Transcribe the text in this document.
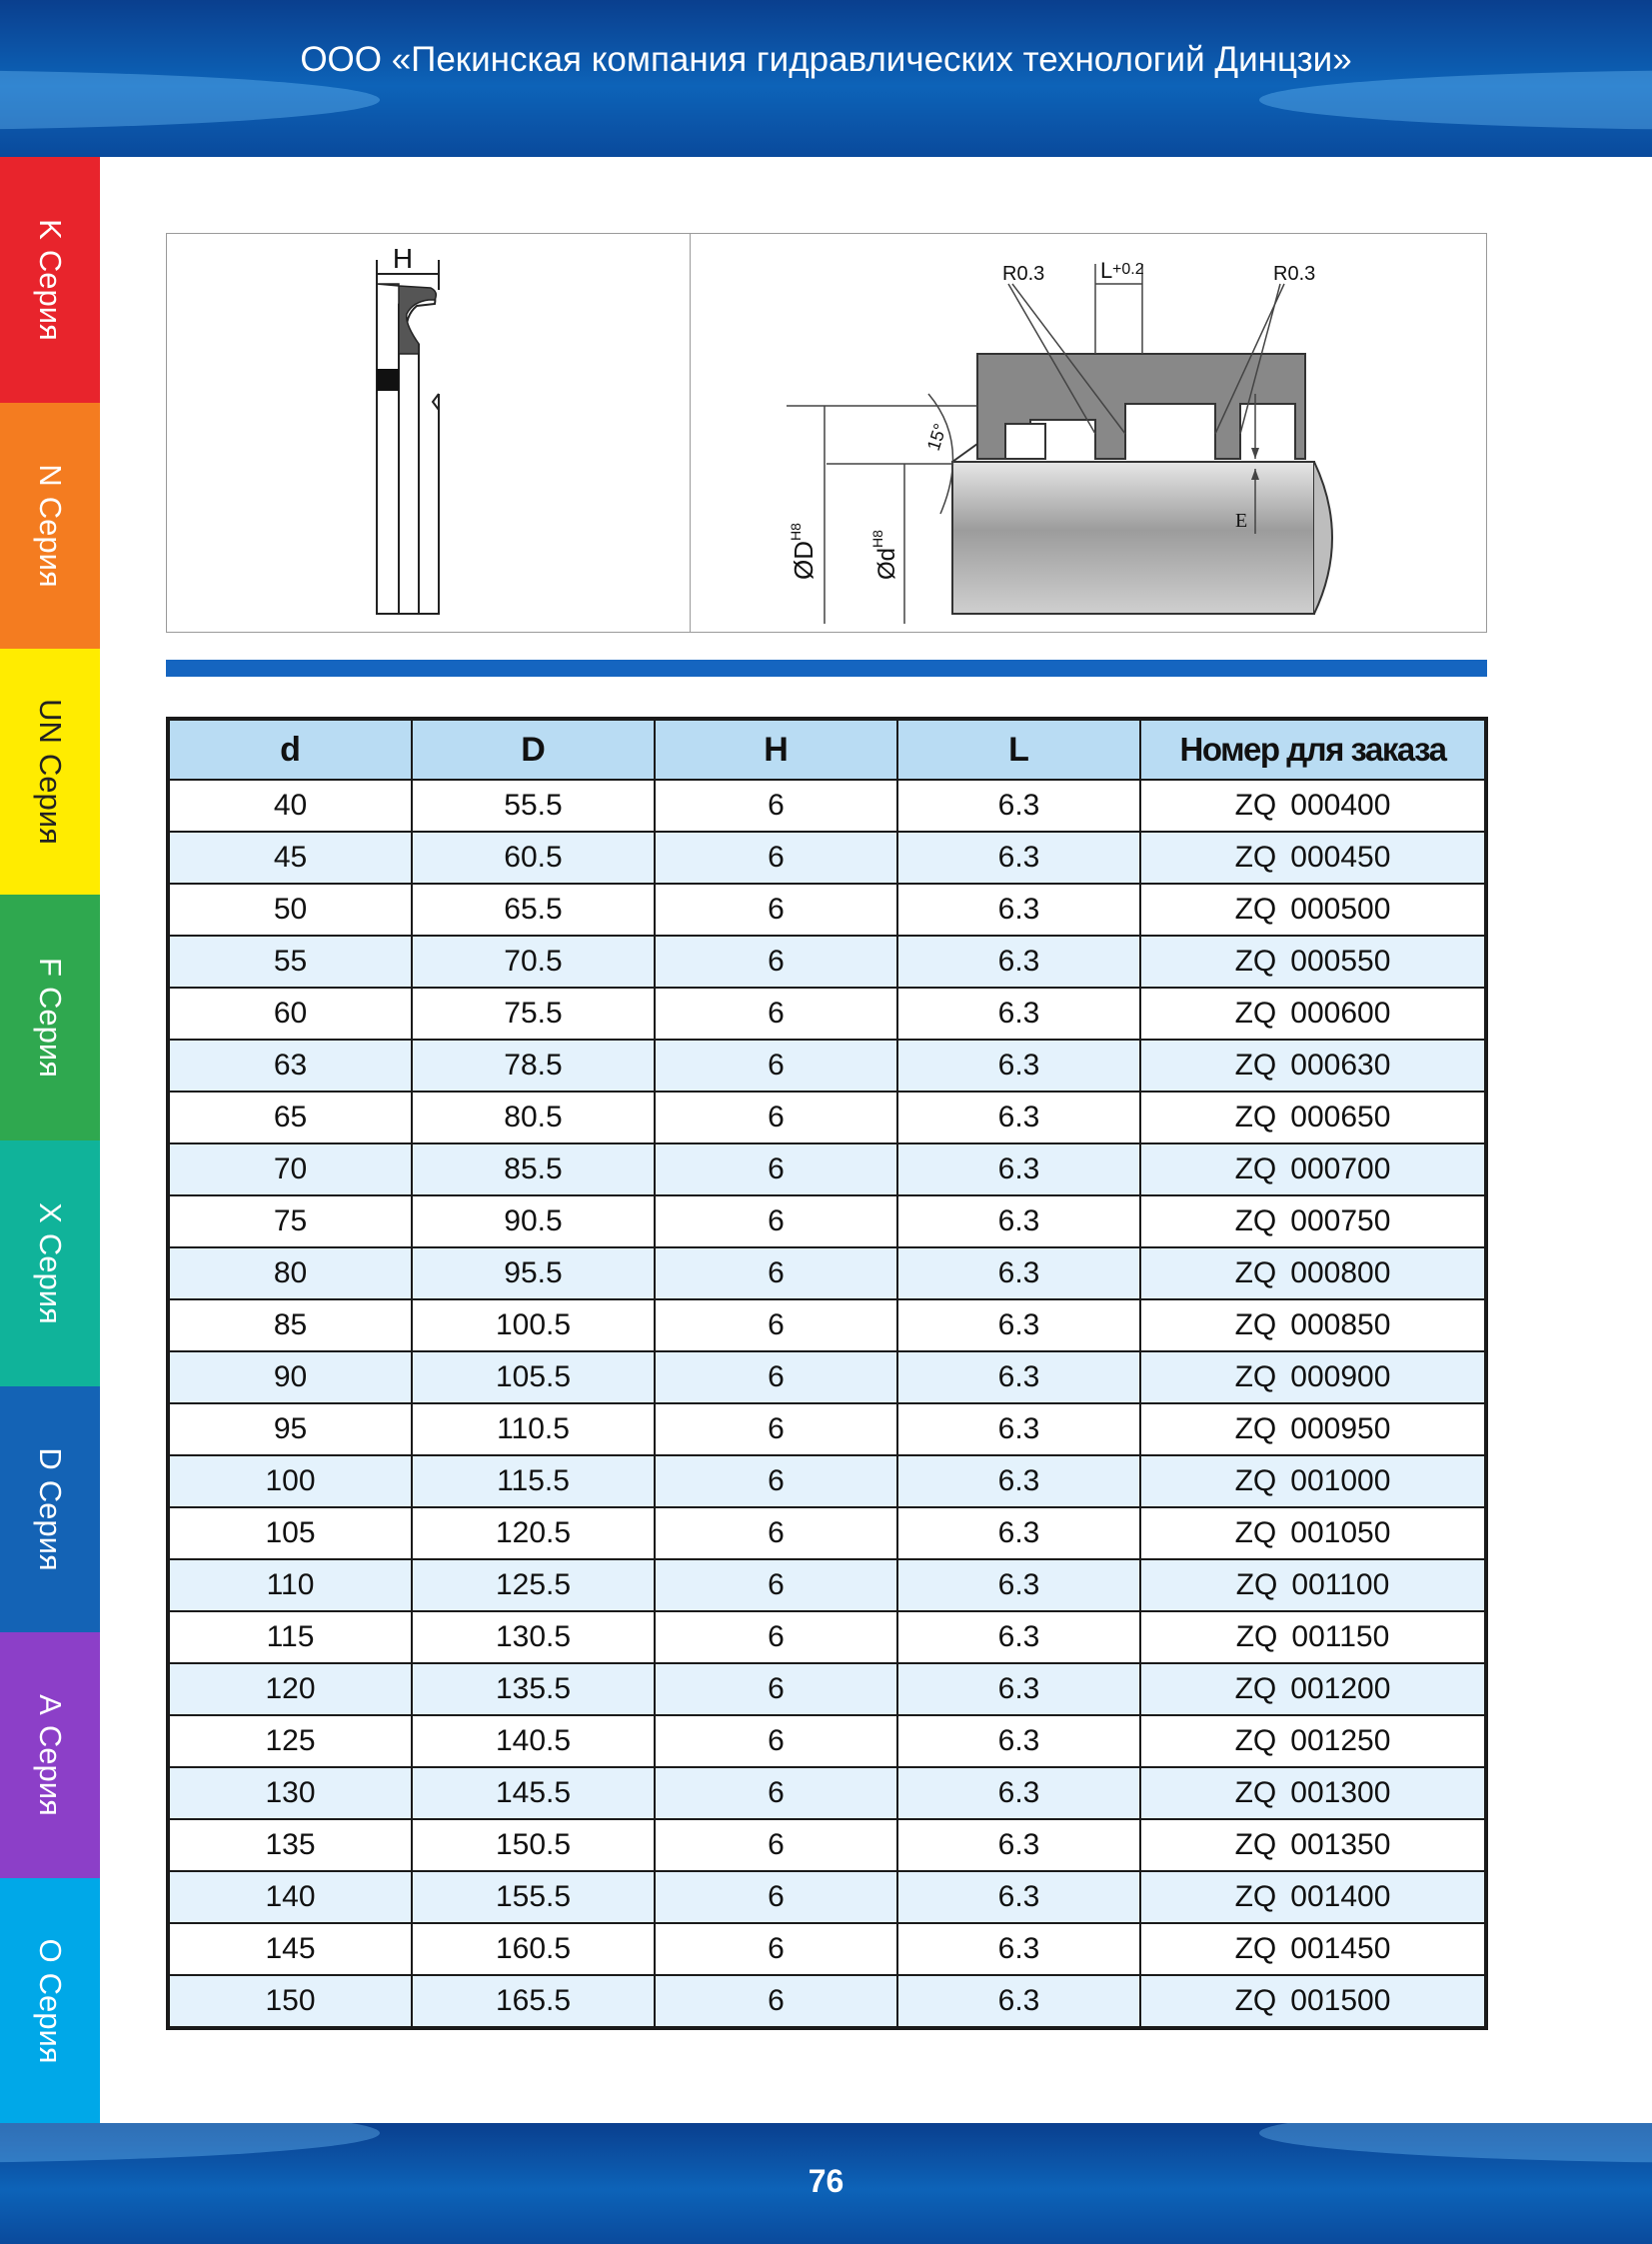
ООО «Пекинская компания гидравлических технологий Динцзи»
KСерия
NСерия
UNСерия
FСерия
XСерия
DСерия
AСерия
OСерия
H	R0.3	R0.3
L +0.2
15°
E
$ØD^{H8}$
$Ød^{H8}$
d	D	H	L	Номер для заказа
40	55.5	6	6.3	ZQ 000400
45	60.5	6	6.3	ZQ 000450
50	65.5	6	6.3	ZQ 000500
55	70.5	6	6.3	ZQ 000550
60	75.5	6	6.3	ZQ 000600
63	78.5	6	6.3	ZQ 000630
65	80.5	6	6.3	ZQ 000650
70	85.5	6	6.3	ZQ 000700
75	90.5	6	6.3	ZQ 000750
80	95.5	6	6.3	ZQ 000800
85	100.5	6	6.3	ZQ 000850
90	105.5	6	6.3	ZQ 000900
95	110.5	6	6.3	ZQ 000950
100	115.5	6	6.3	ZQ 001000
105	120.5	6	6.3	ZQ 001050
110	125.5	6	6.3	ZQ 001100
115	130.5	6	6.3	ZQ 001150
120	135.5	6	6.3	ZQ 001200
125	140.5	6	6.3	ZQ 001250
130	145.5	6	6.3	ZQ 001300
135	150.5	6	6.3	ZQ 001350
140	155.5	6	6.3	ZQ 001400
145	160.5	6	6.3	ZQ 001450
150	165.5	6	6.3	ZQ 001500
76
